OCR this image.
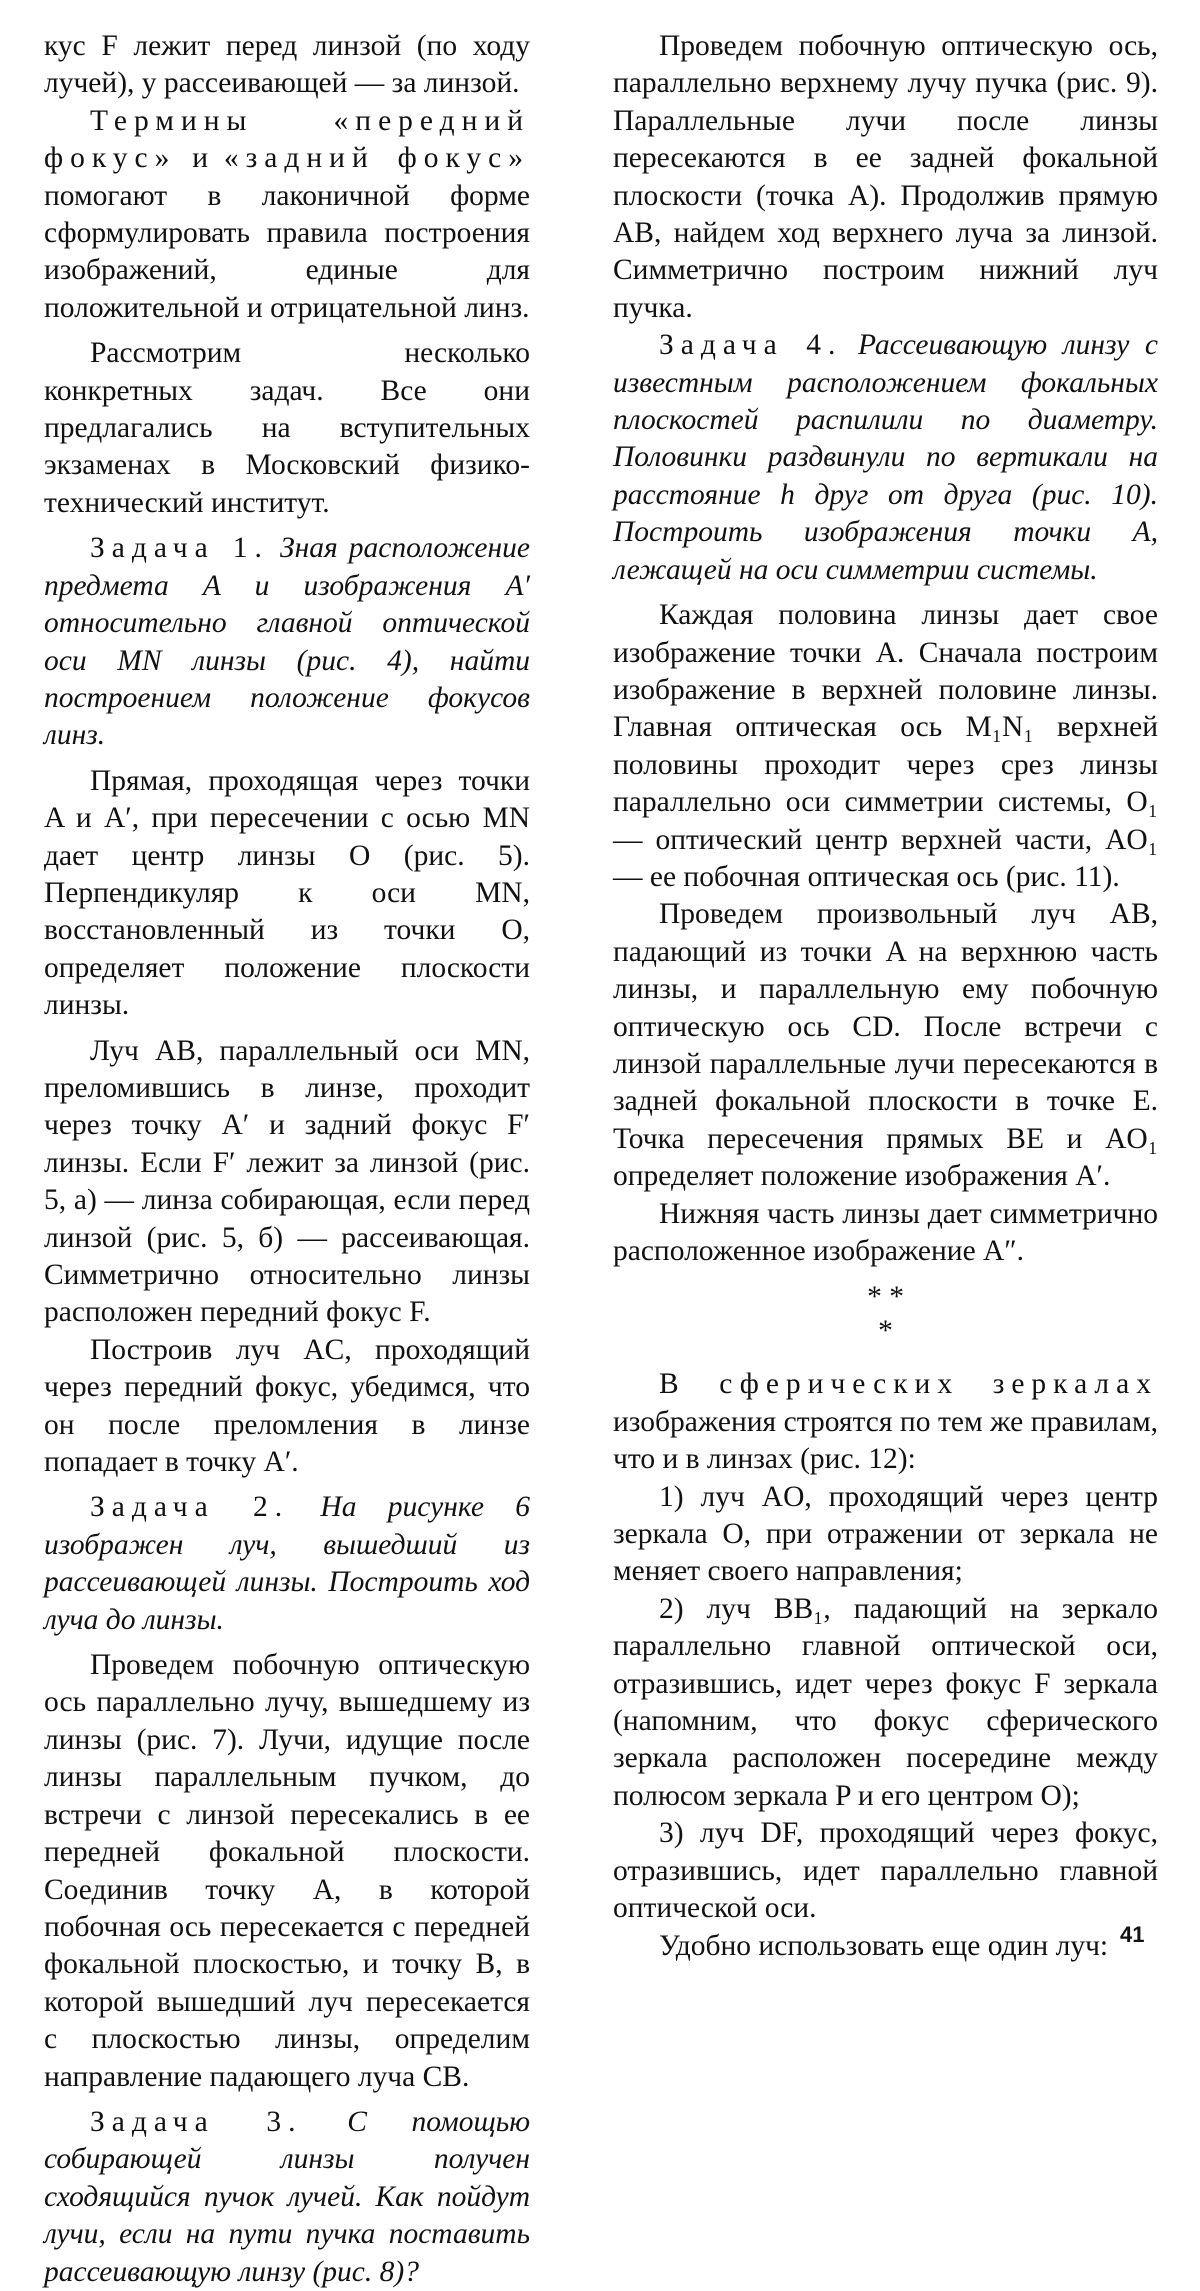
кус F лежит перед линзой (по ходу лучей), у рассеивающей — за линзой.

Термины «передний фокус» и «задний фокус» помогают в лаконичной форме сформулировать правила построения изображений, единые для положительной и отрицательной линз.

Рассмотрим несколько конкретных задач. Все они предлагались на вступительных экзаменах в Московский физико-технический институт.

Задача 1. Зная расположение предмета A и изображения A′ относительно главной оптической оси MN линзы (рис. 4), найти построением положение фокусов линз.

Прямая, проходящая через точки A и A′, при пересечении с осью MN дает центр линзы O (рис. 5). Перпендикуляр к оси MN, восстановленный из точки O, определяет положение плоскости линзы.

Луч AB, параллельный оси MN, преломившись в линзе, проходит через точку A′ и задний фокус F′ линзы. Если F′ лежит за линзой (рис. 5, а) — линза собирающая, если перед линзой (рис. 5, б) — рассеивающая. Симметрично относительно линзы расположен передний фокус F.

Построив луч AC, проходящий через передний фокус, убедимся, что он после преломления в линзе попадает в точку A′.

Задача 2. На рисунке 6 изображен луч, вышедший из рассеивающей линзы. Построить ход луча до линзы.

Проведем побочную оптическую ось параллельно лучу, вышедшему из линзы (рис. 7). Лучи, идущие после линзы параллельным пучком, до встречи с линзой пересекались в ее передней фокальной плоскости. Соединив точку A, в которой побочная ось пересекается с передней фокальной плоскостью, и точку B, в которой вышедший луч пересекается с плоскостью линзы, определим направление падающего луча CB.

Задача 3. С помощью собирающей линзы получен сходящийся пучок лучей. Как пойдут лучи, если на пути пучка поставить рассеивающую линзу (рис. 8)?

Проведем побочную оптическую ось, параллельно верхнему лучу пучка (рис. 9). Параллельные лучи после линзы пересекаются в ее задней фокальной плоскости (точка A). Продолжив прямую AB, найдем ход верхнего луча за линзой. Симметрично построим нижний луч пучка.

Задача 4. Рассеивающую линзу с известным расположением фокальных плоскостей распилили по диаметру. Половинки раздвинули по вертикали на расстояние h друг от друга (рис. 10). Построить изображения точки A, лежащей на оси симметрии системы.

Каждая половина линзы дает свое изображение точки A. Сначала построим изображение в верхней половине линзы. Главная оптическая ось M₁N₁ верхней половины проходит через срез линзы параллельно оси симметрии системы, O₁ — оптический центр верхней части, AO₁ — ее побочная оптическая ось (рис. 11).

Проведем произвольный луч AB, падающий из точки A на верхнюю часть линзы, и параллельную ему побочную оптическую ось CD. После встречи с линзой параллельные лучи пересекаются в задней фокальной плоскости в точке E. Точка пересечения прямых BE и AO₁ определяет положение изображения A′.

Нижняя часть линзы дает симметрично расположенное изображение A″.

* *
*

В сферических зеркалах изображения строятся по тем же правилам, что и в линзах (рис. 12):

1) луч AO, проходящий через центр зеркала O, при отражении от зеркала не меняет своего направления;

2) луч BB₁, падающий на зеркало параллельно главной оптической оси, отразившись, идет через фокус F зеркала (напомним, что фокус сферического зеркала расположен посередине между полюсом зеркала P и его центром O);

3) луч DF, проходящий через фокус, отразившись, идет параллельно главной оптической оси.

Удобно использовать еще один луч: 41
